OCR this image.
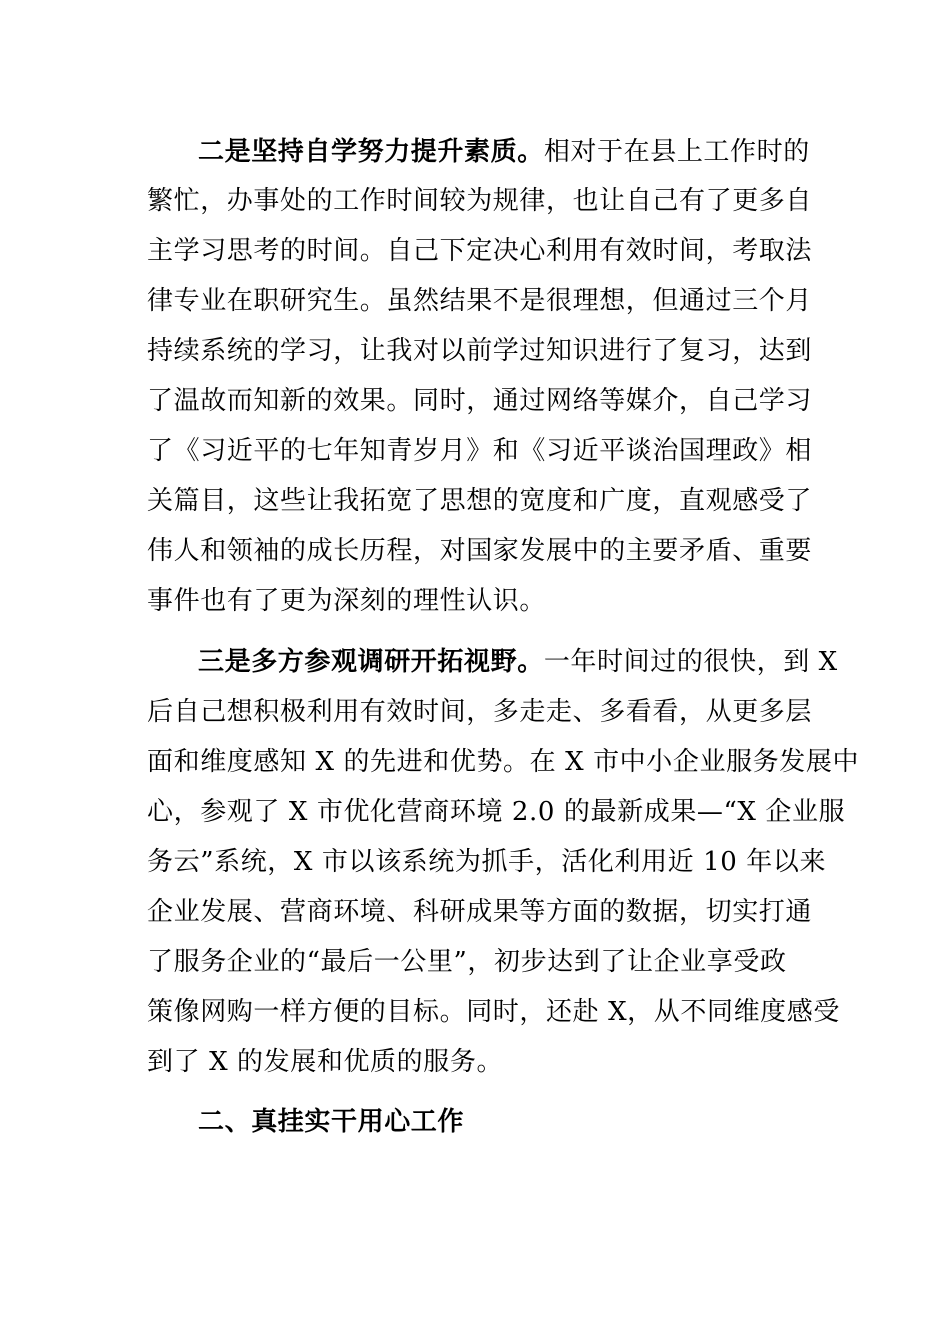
二是坚持自学努力提升素质。相对于在县上工作时的
繁忙，办事处的工作时间较为规律，也让自己有了更多自
主学习思考的时间。自己下定决心利用有效时间，考取法
律专业在职研究生。虽然结果不是很理想，但通过三个月
持续系统的学习，让我对以前学过知识进行了复习，达到
了温故而知新的效果。同时，通过网络等媒介，自己学习
了《习近平的七年知青岁月》和《习近平谈治国理政》相
关篇目，这些让我拓宽了思想的宽度和广度，直观感受了
伟人和领袖的成长历程，对国家发展中的主要矛盾、重要
事件也有了更为深刻的理性认识。
三是多方参观调研开拓视野。一年时间过的很快，到 X
后自己想积极利用有效时间，多走走、多看看，从更多层
面和维度感知 X 的先进和优势。在 X 市中小企业服务发展中
心，参观了 X 市优化营商环境 2.0 的最新成果—“X 企业服
务云”系统，X 市以该系统为抓手，活化利用近 10 年以来
企业发展、营商环境、科研成果等方面的数据，切实打通
了服务企业的“最后一公里”，初步达到了让企业享受政
策像网购一样方便的目标。同时，还赴 X，从不同维度感受
到了 X 的发展和优质的服务。
二、真挂实干用心工作
